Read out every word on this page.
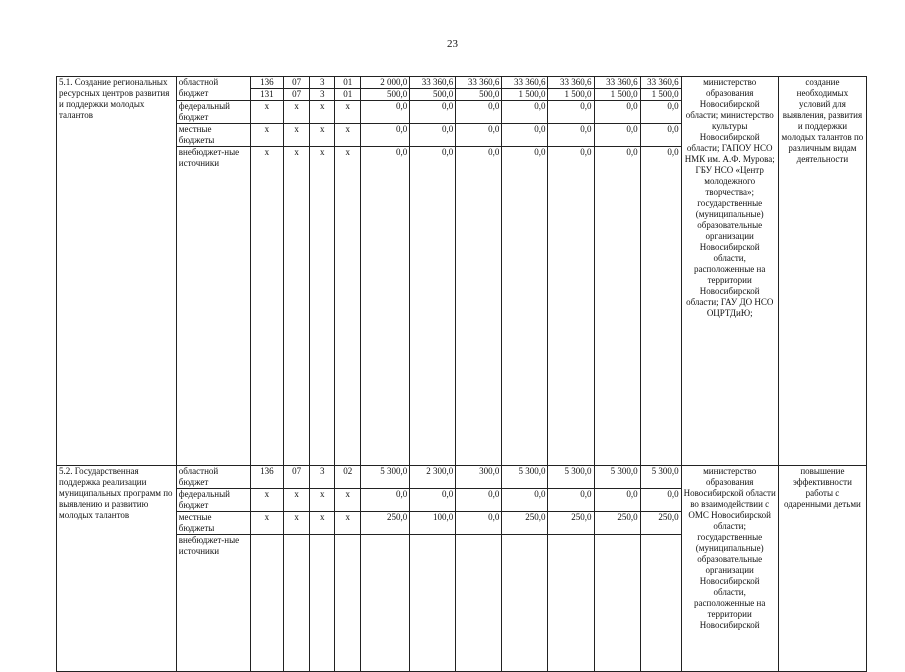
23
5.1. Создание региональных ресурсных центров развития и поддержки молодых талантов	областной бюджет	136	07	3	01	2 000,0	33 360,6	33 360,6	33 360,6	33 360,6	33 360,6	33 360,6	министерство образования Новосибирской области; министерство культуры Новосибирской области; ГАПОУ НСО НМК им. А.Ф. Мурова; ГБУ НСО «Центр молодежного творчества»; государственные (муниципальные) образовательные организации Новосибирской области, расположенные на территории Новосибирской области; ГАУ ДО НСО ОЦРТДиЮ;	создание необходимых условий для выявления, развития и поддержки молодых талантов по различным видам деятельности
		131	07	3	01	500,0	500,0	500,0	1 500,0	1 500,0	1 500,0	1 500,0		
	федеральный бюджет	х	х	х	х	0,0	0,0	0,0	0,0	0,0	0,0	0,0		
	местные бюджеты	х	х	х	х	0,0	0,0	0,0	0,0	0,0	0,0	0,0		
	внебюджет-ные источники	х	х	х	х	0,0	0,0	0,0	0,0	0,0	0,0	0,0		
5.2. Государственная поддержка реализации муниципальных программ по выявлению и развитию молодых талантов	областной бюджет	136	07	3	02	5 300,0	2 300,0	300,0	5 300,0	5 300,0	5 300,0	5 300,0	министерство образования Новосибирской области во взаимодействии с ОМС Новосибирской области; государственные (муниципальные) образовательные организации Новосибирской области, расположенные на территории Новосибирской	повышение эффективности работы с одаренными детьми
	федеральный бюджет	х	х	х	х	0,0	0,0	0,0	0,0	0,0	0,0	0,0		
	местные бюджеты	х	х	х	х	250,0	100,0	0,0	250,0	250,0	250,0	250,0		
	внебюджет-ные источники													
